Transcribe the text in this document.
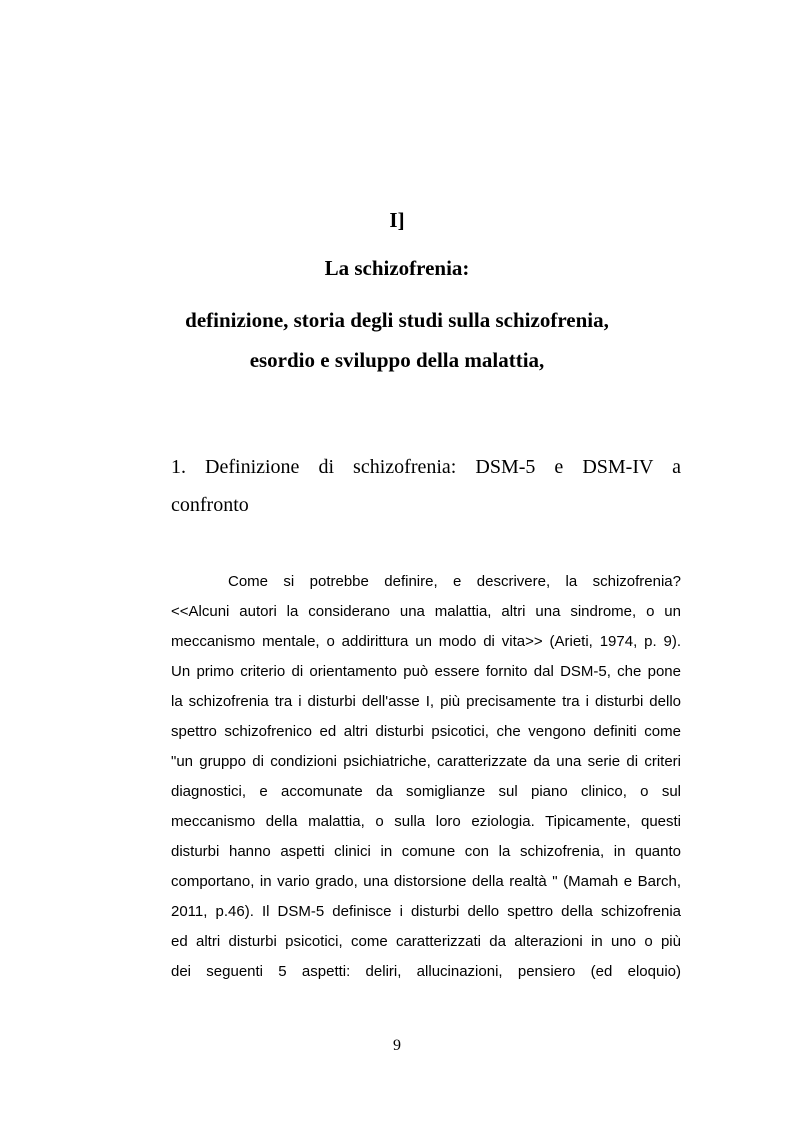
I]
La schizofrenia:
definizione, storia degli studi sulla schizofrenia,
esordio e sviluppo della malattia,
1. Definizione di schizofrenia: DSM-5 e DSM-IV a
confronto
Come si potrebbe definire, e descrivere, la schizofrenia?
<<Alcuni autori la considerano una malattia, altri una sindrome, o un
meccanismo mentale, o addirittura un modo di vita>> (Arieti, 1974, p. 9).
Un primo criterio di orientamento può essere fornito dal DSM-5, che pone
la schizofrenia tra i disturbi dell'asse I, più precisamente tra i disturbi dello
spettro schizofrenico ed altri disturbi psicotici, che vengono definiti come
"un gruppo di condizioni psichiatriche, caratterizzate da una serie di criteri
diagnostici, e accomunate da somiglianze sul piano clinico, o sul
meccanismo della malattia, o sulla loro eziologia. Tipicamente, questi
disturbi hanno aspetti clinici in comune con la schizofrenia, in quanto
comportano, in vario grado, una distorsione della realtà " (Mamah e Barch,
2011, p.46). Il DSM-5 definisce i disturbi dello spettro della schizofrenia
ed altri disturbi psicotici, come caratterizzati da alterazioni in uno o più
dei seguenti 5 aspetti: deliri, allucinazioni, pensiero (ed eloquio)
9
